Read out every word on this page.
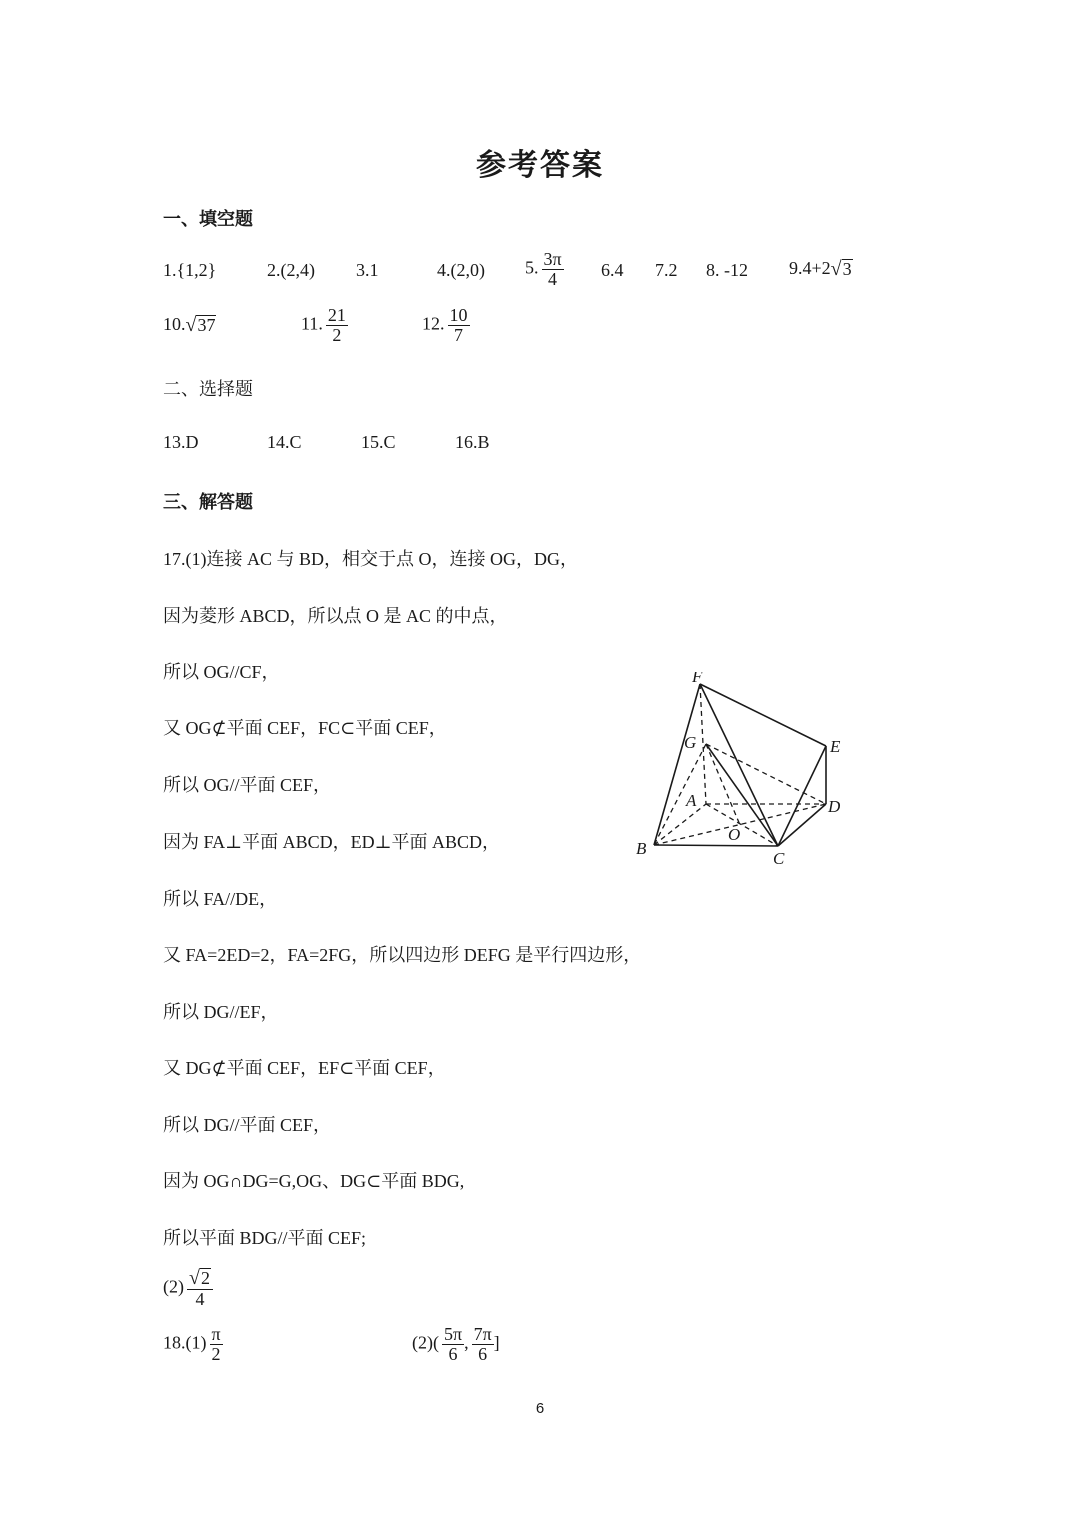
参考答案
一、填空题
1.{1,2}	2.(2,4) 3.1	4.(2,0) 5. $\frac{3\pi}{4} 6.4$ 7.2 8. -12 9.4+2 √ 3
10. √ 37	11. $\frac{21}{2}$	12. $\frac{10}{7}$
二、选择题
13.D	14.C	15.C	16.B
三、解答题
17.(1)连接 AC 与 BD，相交于点 O，连接 OG，DG，
因为菱形 ABCD，所以点 O 是 AC 的中点，
所以 OG//CF，
又 OG⊄平面 CEF，FC⊂平面 CEF，
所以 OG//平面 CEF，
因为 FA⊥平面 ABCD，ED⊥平面 ABCD，
所以 FA//DE，
又 FA=2ED=2，FA=2FG，所以四边形 DEFG 是平行四边形，
所以 DG//EF，
又 DG⊄平面 CEF，EF⊂平面 CEF，
所以 DG//平面 CEF，
因为 OG∩DG=G,OG、DG⊂平面 BDG,
所以平面 BDG//平面 CEF;
$(2) \frac{√ 2}{4}$
$18.(1) \frac{\pi}{2}$	$(2)( \frac{5\pi}{6}$ , $\frac{7\pi}{6}$ ]
F
G	E
A	D
O
B
C
6
